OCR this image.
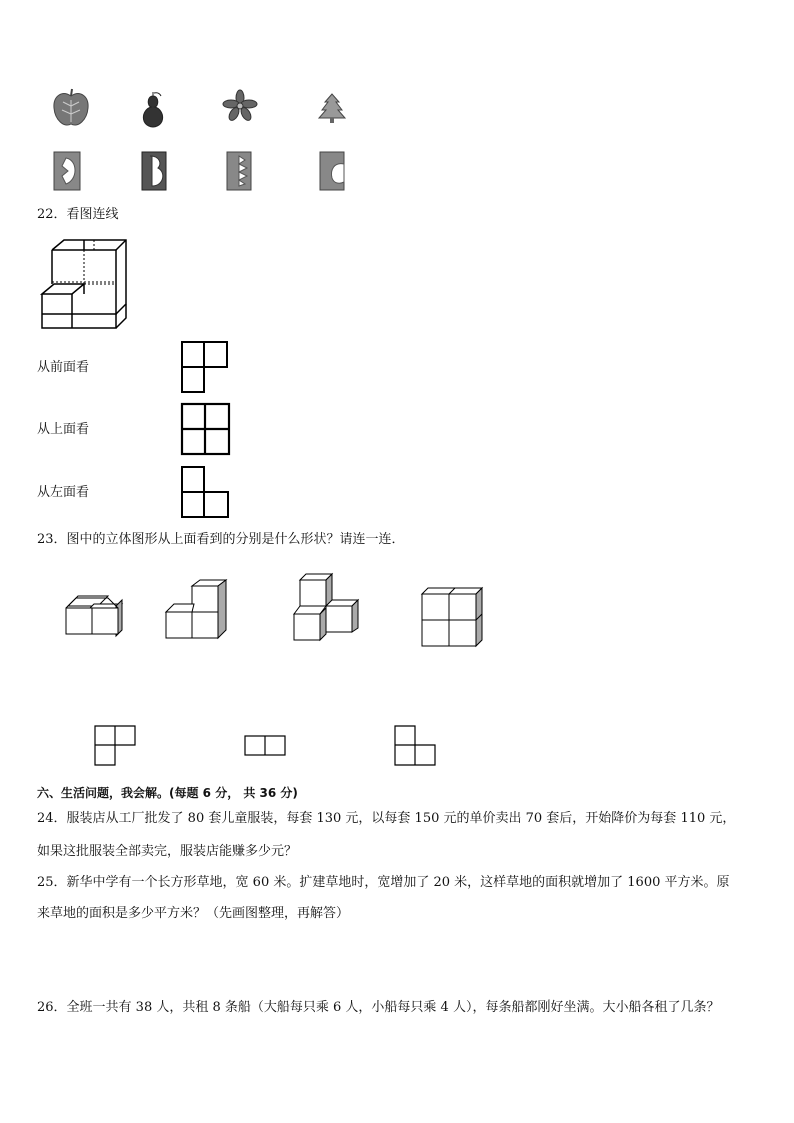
22．看图连线
从前面看
从上面看
从左面看
23．图中的立体图形从上面看到的分别是什么形状？请连一连．
六、生活问题，我会解。(每题 6 分， 共 36 分)
24．服装店从工厂批发了 80 套儿童服装，每套 130 元，以每套 150 元的单价卖出 70 套后，开始降价为每套 110 元，
如果这批服装全部卖完，服装店能赚多少元？
25．新华中学有一个长方形草地，宽 60 米。扩建草地时，宽增加了 20 米，这样草地的面积就增加了 1600 平方米。原
来草地的面积是多少平方米？（先画图整理，再解答）
26．全班一共有 38 人，共租 8 条船（大船每只乘 6 人，小船每只乘 4 人），每条船都刚好坐满。大小船各租了几条？
